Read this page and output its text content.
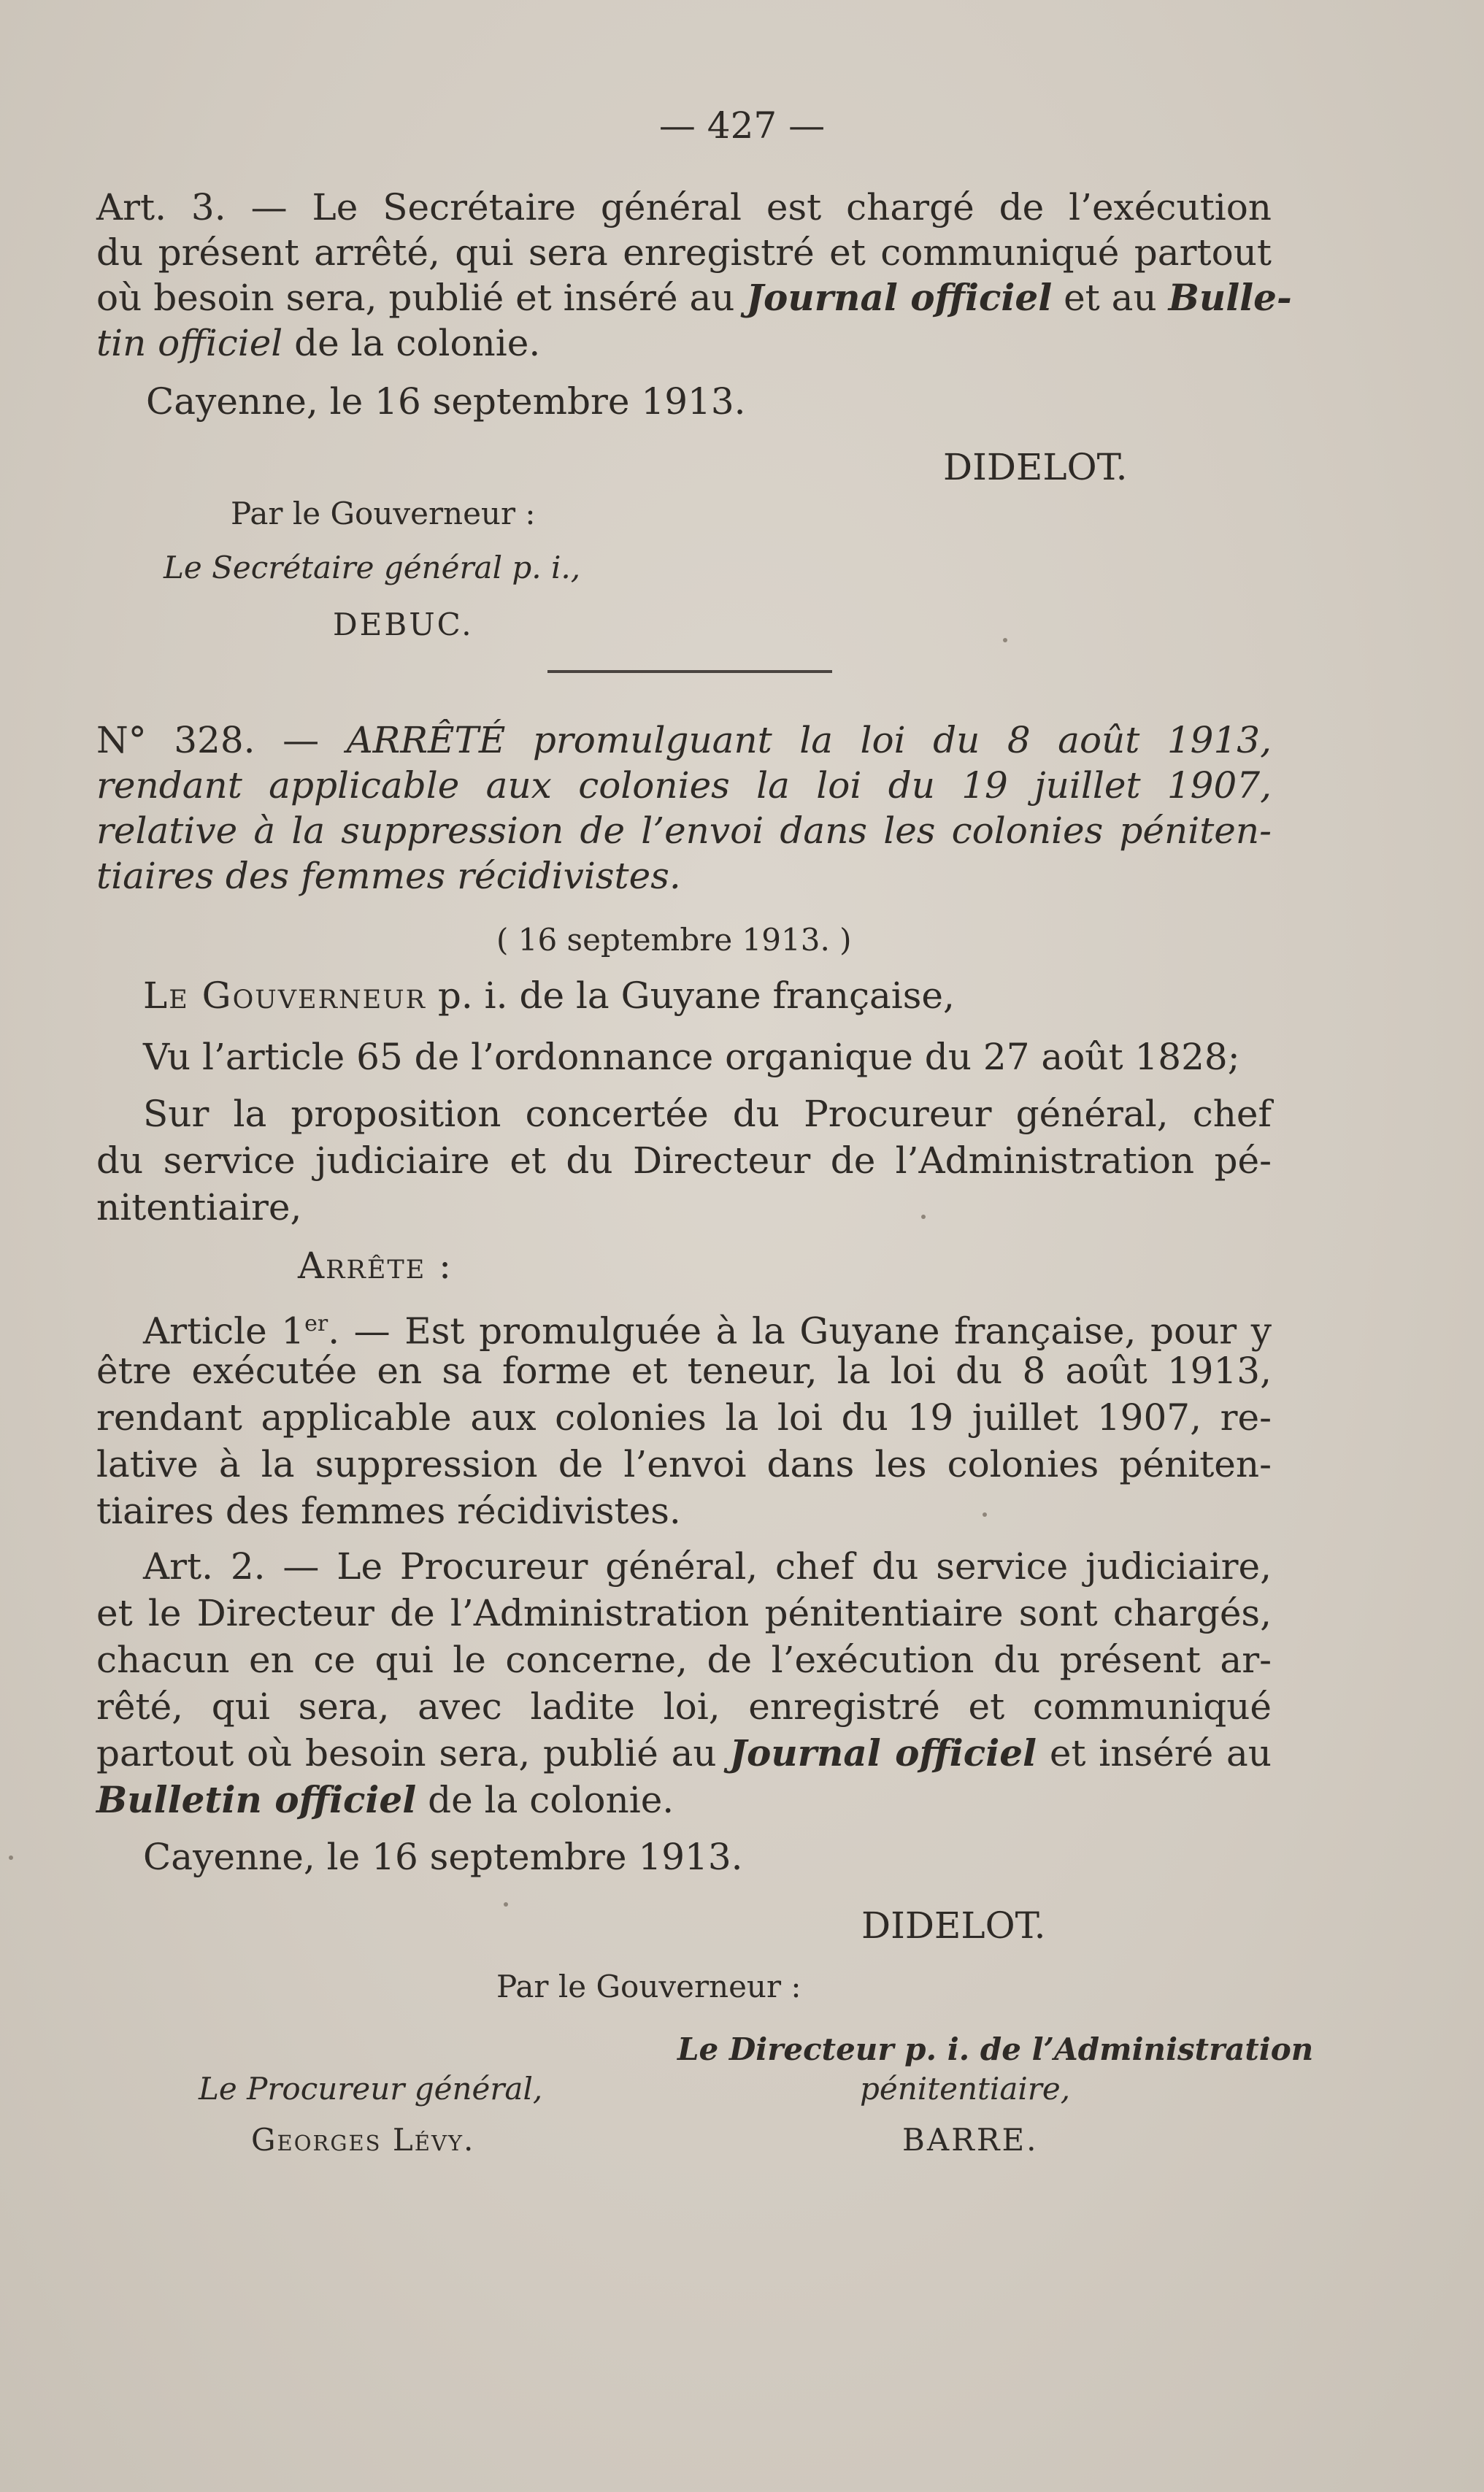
— 427 —
Art. 3. — Le Secrétaire général est chargé de l’exécution
du présent arrêté, qui sera enregistré et communiqué partout
où besoin sera, publié et inséré au Journal officiel et au Bulle-
tin officiel de la colonie.
Cayenne, le 16 septembre 1913.
DIDELOT.
Par le Gouverneur :
Le Secrétaire général p. i.,
DEBUC.
N° 328. — ARRÊTÉ promulguant la loi du 8 août 1913,
rendant applicable aux colonies la loi du 19 juillet 1907,
relative à la suppression de l’envoi dans les colonies péniten-
tiaires des femmes récidivistes.
( 16 septembre 1913. )
Le Gouverneur p. i. de la Guyane française,
Vu l’article 65 de l’ordonnance organique du 27 août 1828;
Sur la proposition concertée du Procureur général, chef
du service judiciaire et du Directeur de l’Administration pé-
nitentiaire,
Arrête :
Article 1er. — Est promulguée à la Guyane française, pour y
être exécutée en sa forme et teneur, la loi du 8 août 1913,
rendant applicable aux colonies la loi du 19 juillet 1907, re-
lative à la suppression de l’envoi dans les colonies péniten-
tiaires des femmes récidivistes.
Art. 2. — Le Procureur général, chef du service judiciaire,
et le Directeur de l’Administration pénitentiaire sont chargés,
chacun en ce qui le concerne, de l’exécution du présent ar-
rêté, qui sera, avec ladite loi, enregistré et communiqué
partout où besoin sera, publié au Journal officiel et inséré au
Bulletin officiel de la colonie.
Cayenne, le 16 septembre 1913.
DIDELOT.
Par le Gouverneur :
Le Directeur p. i. de l’Administration
pénitentiaire,
Le Procureur général,
Georges Lévy.	BARRE.
